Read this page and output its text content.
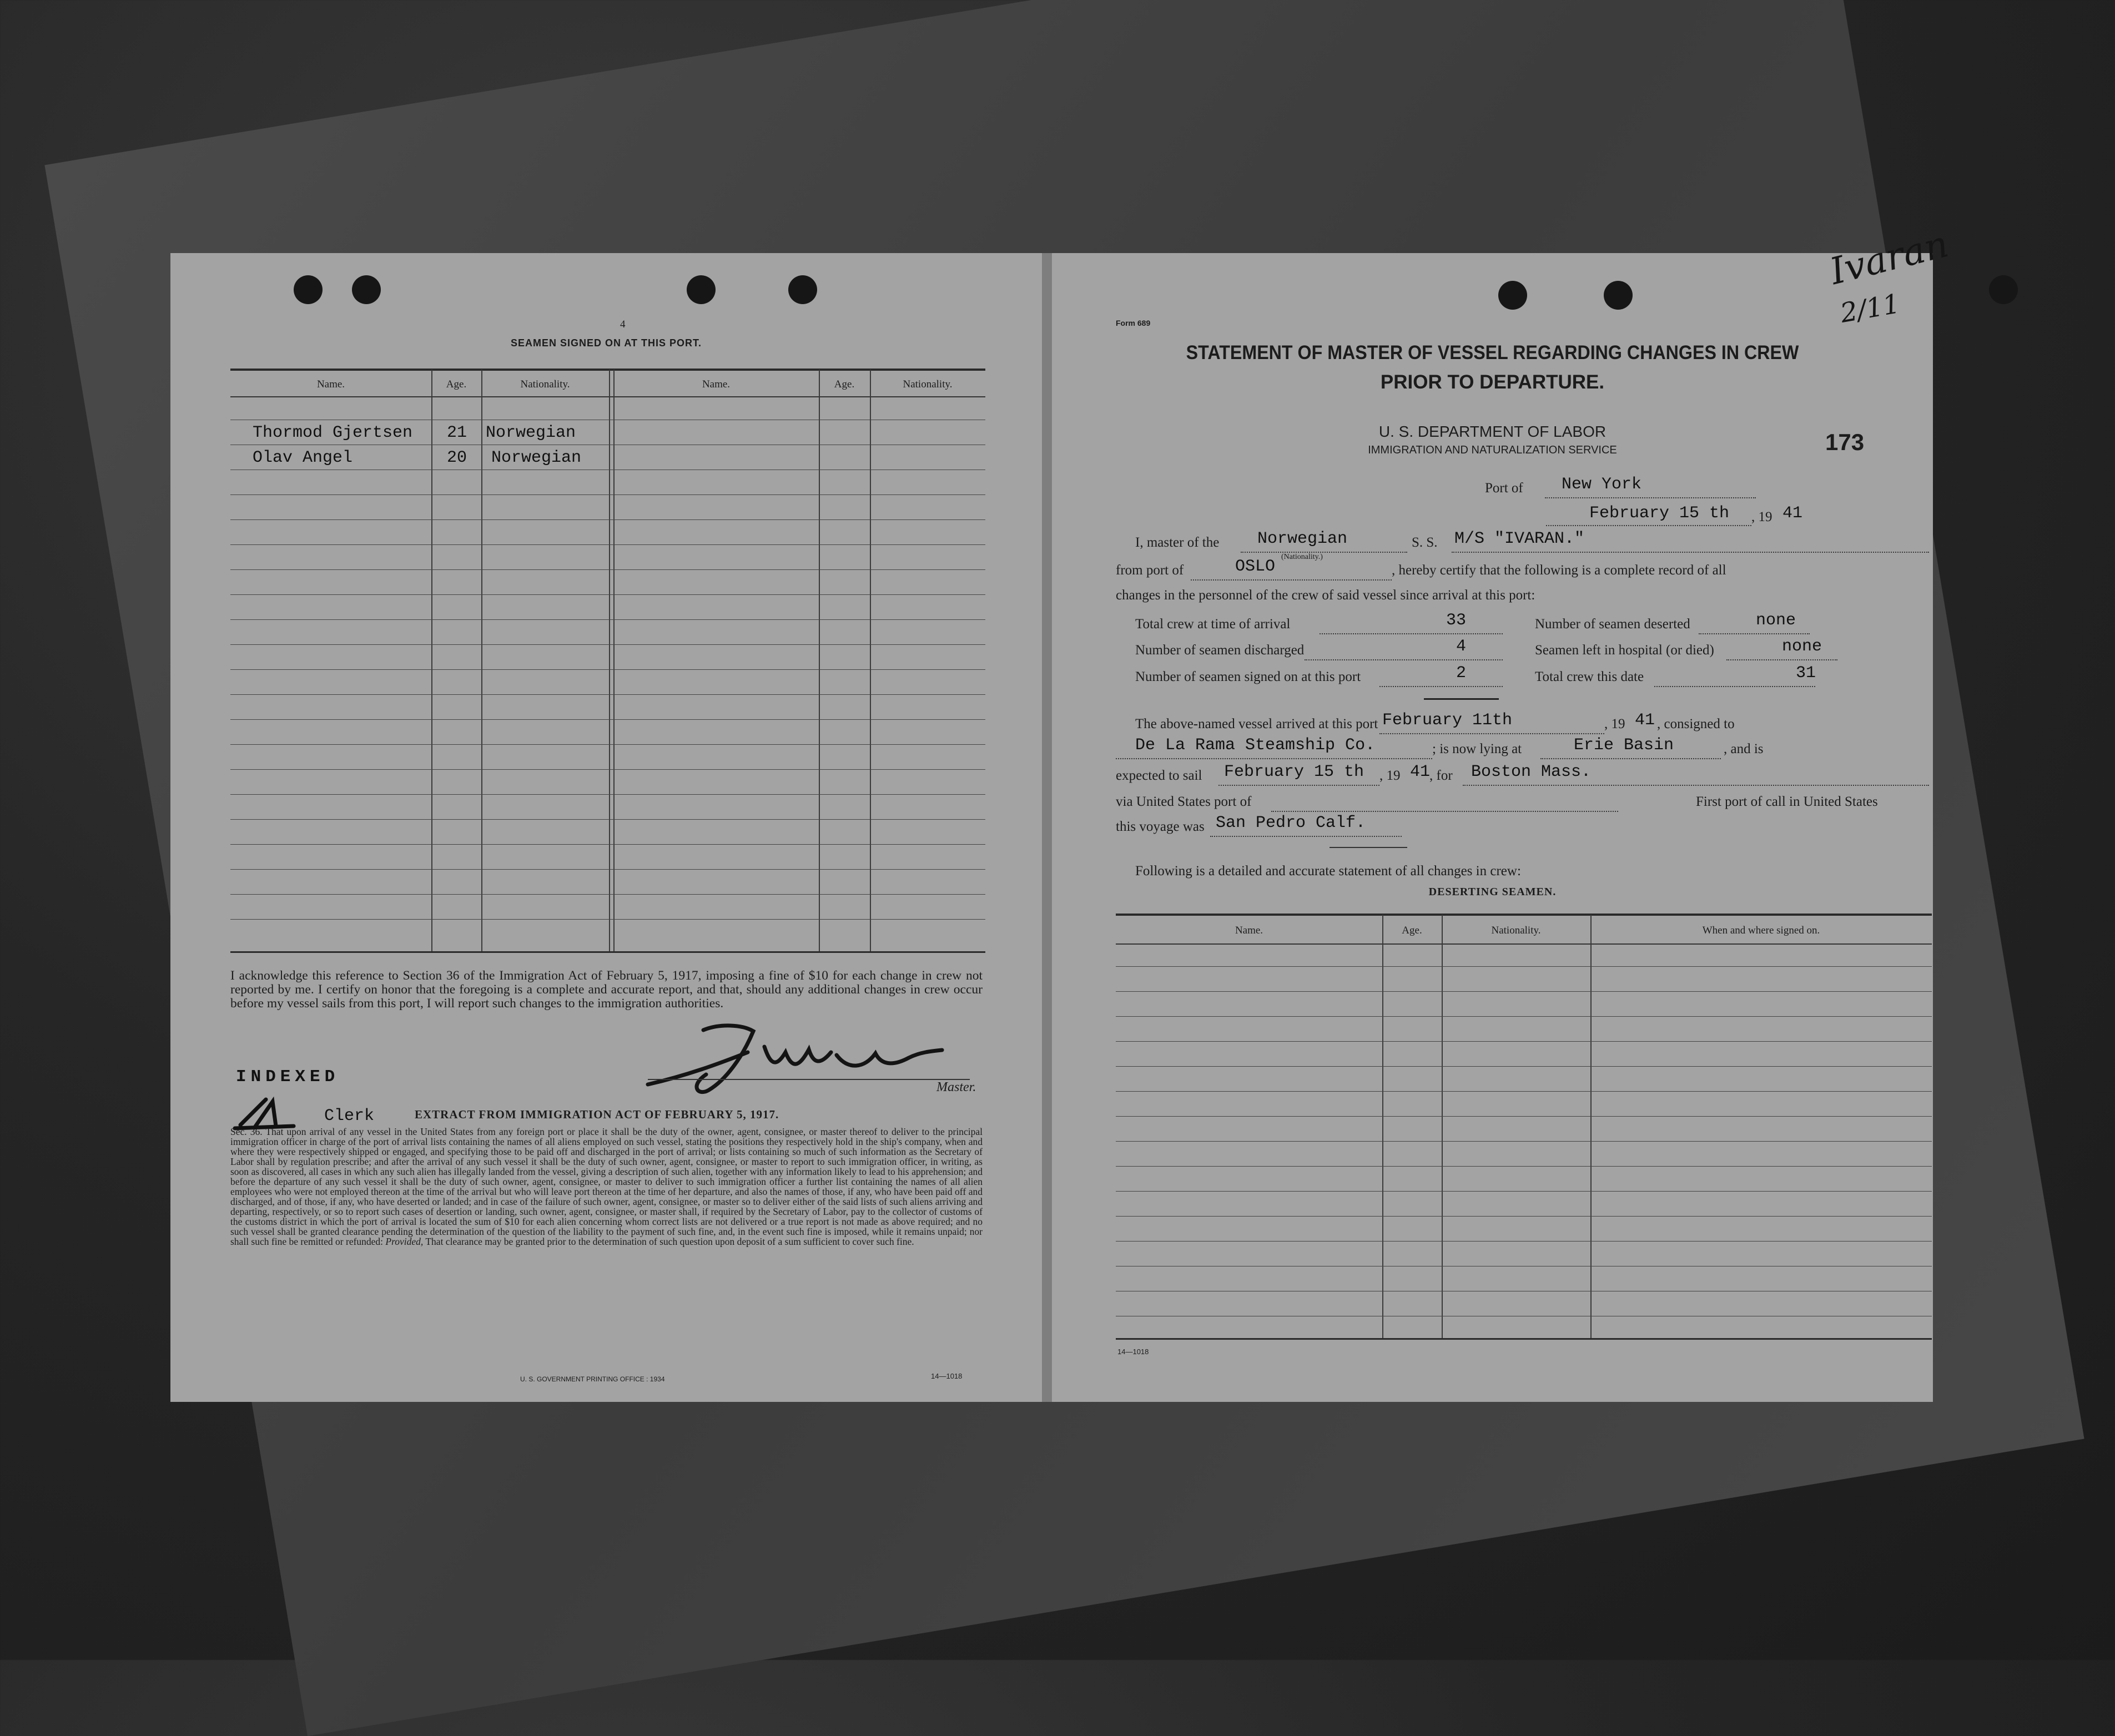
4
SEAMEN SIGNED ON AT THIS PORT.
Name.	Age.	Nationality.	Name.	Age.	Nationality.
Thormod Gjertsen 21 Norwegian
Olav Angel	20 Norwegian
I acknowledge this reference to Section 36 of the Immigration Act of February 5, 1917, imposing a fine of $10 for each change in crew not reported by me. I certify on honor that the foregoing is a complete and accurate report, and that, should any additional changes in crew occur before my vessel sails from this port, I will report such changes to the immigration authorities.
Master.
INDEXED
Clerk	EXTRACT FROM IMMIGRATION ACT OF FEBRUARY 5, 1917.
Sec. 36. That upon arrival of any vessel in the United States from any foreign port or place it shall be the duty of the owner, agent, consignee, or master thereof to deliver to the principal immigration officer in charge of the port of arrival lists containing the names of all aliens employed on such vessel, stating the positions they respectively hold in the ship's company, when and where they were respectively shipped or engaged, and specifying those to be paid off and discharged in the port of arrival; or lists containing so much of such information as the Secretary of Labor shall by regulation prescribe; and after the arrival of any such vessel it shall be the duty of such owner, agent, consignee, or master to report to such immigration officer, in writing, as soon as discovered, all cases in which any such alien has illegally landed from the vessel, giving a description of such alien, together with any information likely to lead to his apprehension; and before the departure of any such vessel it shall be the duty of such owner, agent, consignee, or master to deliver to such immigration officer a further list containing the names of all alien employees who were not employed thereon at the time of the arrival but who will leave port thereon at the time of her departure, and also the names of those, if any, who have been paid off and discharged, and of those, if any, who have deserted or landed; and in case of the failure of such owner, agent, consignee, or master so to deliver either of the said lists of such aliens arriving and departing, respectively, or so to report such cases of desertion or landing, such owner, agent, consignee, or master shall, if required by the Secretary of Labor, pay to the collector of customs of the customs district in which the port of arrival is located the sum of $10 for each alien concerning whom correct lists are not delivered or a true report is not made as above required; and no such vessel shall be granted clearance pending the determination of the question of the liability to the payment of such fine, and, in the event such fine is imposed, while it remains unpaid; nor shall such fine be remitted or refunded: Provided, That clearance may be granted prior to the determination of such question upon deposit of a sum sufficient to cover such fine.
U. S. GOVERNMENT PRINTING OFFICE : 1934	14—1018
Form 689
Ivaran
2/11
STATEMENT OF MASTER OF VESSEL REGARDING CHANGES IN CREW
PRIOR TO DEPARTURE.
U. S. DEPARTMENT OF LABOR
IMMIGRATION AND NATURALIZATION SERVICE	173
Port of New York
February 15 th , 19 41
I, master of the Norwegian
(Nationality.)
S. S. M/S "IVARAN."
from port of	OSLO	, hereby certify that the following is a complete record of all
changes in the personnel of the crew of said vessel since arrival at this port:
Total crew at time of arrival	33	Number of seamen deserted	none
Number of seamen discharged	4	Seamen left in hospital (or died)	none
Number of seamen signed on at this port	2	Total crew this date	31
The above-named vessel arrived at this port February 11th	, 19 41 , consigned to
De La Rama Steamship Co.	; is now lying at	Erie Basin	, and is
expected to sail February 15 th , 19 41
, for Boston Mass.
via United States port of	First port of call in United States
this voyage was San Pedro Calf.
Following is a detailed and accurate statement of all changes in crew:
DESERTING SEAMEN.
Name.	Age.	Nationality.	When and where signed on.
14—1018
